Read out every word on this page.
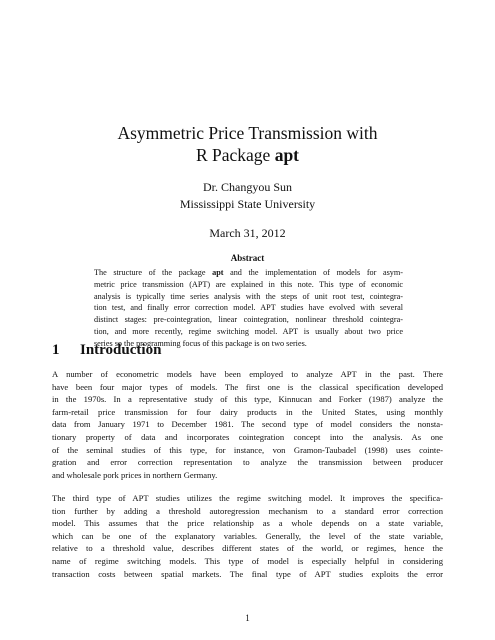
Asymmetric Price Transmission with
R Package apt
Dr. Changyou Sun
Mississippi State University
March 31, 2012
Abstract
The structure of the package apt and the implementation of models for asym-
metric price transmission (APT) are explained in this note. This type of economic
analysis is typically time series analysis with the steps of unit root test, cointegra-
tion test, and finally error correction model. APT studies have evolved with several
distinct stages: pre-cointegration, linear cointegration, nonlinear threshold cointegra-
tion, and more recently, regime switching model. APT is usually about two price
series so the programming focus of this package is on two series.
1 Introduction
A number of econometric models have been employed to analyze APT in the past. There
have been four major types of models. The first one is the classical specification developed
in the 1970s. In a representative study of this type, Kinnucan and Forker (1987) analyze the
farm-retail price transmission for four dairy products in the United States, using monthly
data from January 1971 to December 1981. The second type of model considers the nonsta-
tionary property of data and incorporates cointegration concept into the analysis. As one
of the seminal studies of this type, for instance, von Gramon-Taubadel (1998) uses cointe-
gration and error correction representation to analyze the transmission between producer
and wholesale pork prices in northern Germany.
The third type of APT studies utilizes the regime switching model. It improves the specifica-
tion further by adding a threshold autoregression mechanism to a standard error correction
model. This assumes that the price relationship as a whole depends on a state variable,
which can be one of the explanatory variables. Generally, the level of the state variable,
relative to a threshold value, describes different states of the world, or regimes, hence the
name of regime switching models. This type of model is especially helpful in considering
transaction costs between spatial markets. The final type of APT studies exploits the error
1
